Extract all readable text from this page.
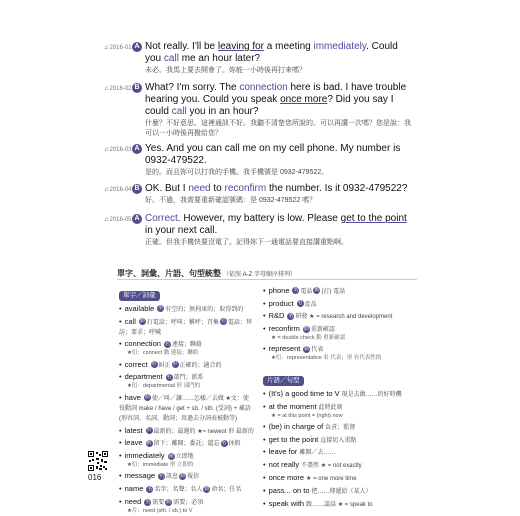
♫ 2016-01 A Not really. I'll be leaving for a meeting immediately. Could you call me an hour later?
未必。我馬上要去開會了。妳能一小時後再打來嗎？
♫ 2016-02 B What? I'm sorry. The connection here is bad. I have trouble hearing you. Could you speak once more? Did you say I could call you in an hour?
什麼？不好意思。這裡通訊不好。我聽不清楚您所說的。可以再講一次嗎？您是說：我可以一小時後再撥給您？
♫ 2016-03 A Yes. And you can call me on my cell phone. My number is 0932-479522.
是的。而且妳可以打我的手機。我手機號是 0932-479522。
♫ 2016-04 B OK. But I need to reconfirm the number. Is it 0932-479522?
好。不過，我需要重新確認號碼：是 0932-479522 嗎？
♫ 2016-05 A Correct. However, my battery is low. Please get to the point in your next call.
正確。但我手機快要沒電了。記得妳下一通電話要直接講重點啊。
單字、詞彙、片語、句型統整 （依照 A-Z 字母順序排列）
單字／詞彙
• available 形 有空的；無拘束的；取得到的
• call 動 打電話；呼叫；稱呼；召集 名 電話；拜訪；要求；呼喊
• connection 名 連接；聯絡
★衍：connect 動 連接；聯絡
• correct 形 糾正 形 正確的；適合的
• department 名 部門；派系
★衍：departmental 形 部門的
• have 動 使／叫／讓……怎樣／去做 ★文：使役動詞 make / have / get + sb. / sth. (受詞) + 補語 (形容詞、名詞、動詞；用過去分詞表被動等)
• latest 形 最新的；最遲的 ★≈ newest 形 最新的
• leave 動 留下；離開；委託；遺忘 名 休假
• immediately 副 立即地
★衍：immediate 形 立即的
• message 名 訊息 動 報信
• name 名 名字；名聲；名人 動 命名；任名
• need 名 需要 動 需要；必須
★片：need (sth. / sb.) to V
• phone 名 電話 動 (打) 電話
• product 名 產品
• R&D 名 研發 ★ = research and development
• reconfirm 動 重新確認
★ = double check 動 重新確認
• represent 動 代表
★衍：representative 名 代表；形 有代表性的
片語／句型
• (It's) a good time to V 現是去做……的好時機
• at the moment 此時此刻
★ = at this point = (right) now
• (be) in charge of 負責；監督
• get to the point 直接切入重點
• leave for 離開／去……
• not really 不盡然 ★ = not exactly
• once more ★ = one more time
• pass... on to 把……傳遞給（某人）
• speak with 跟……談話 ★ = speak to
016
